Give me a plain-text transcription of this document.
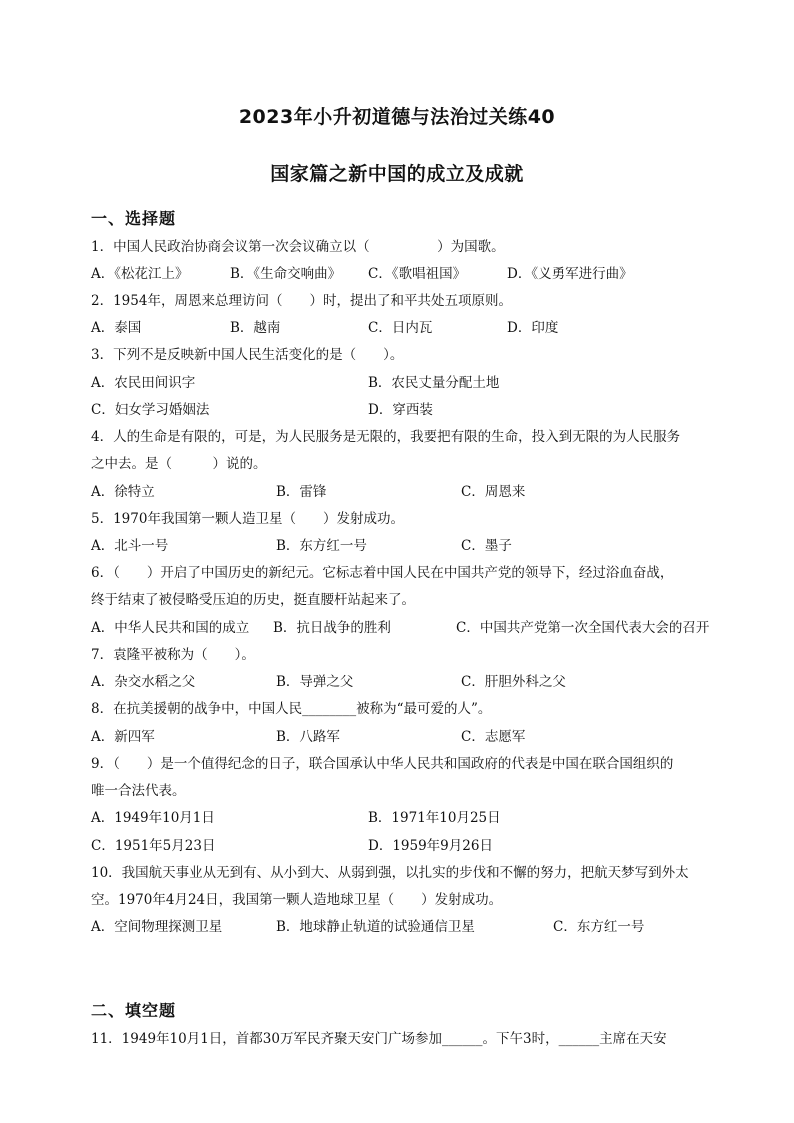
2023年小升初道德与法治过关练40
国家篇之新中国的成立及成就
一、选择题
1．中国人民政治协商会议第一次会议确立以（　　　　　）为国歌。
A．《松花江上》	B．《生命交响曲》 C．《歌唱祖国》	D．《义勇军进行曲》
2．1954年，周恩来总理访问（　　）时，提出了和平共处五项原则。
A．泰国	B．越南	C．日内瓦	D．印度
3．下列不是反映新中国人民生活变化的是（　　）。
A．农民田间识字	B．农民丈量分配土地
C．妇女学习婚姻法	D．穿西装
4．人的生命是有限的，可是，为人民服务是无限的，我要把有限的生命，投入到无限的为人民服务
之中去。是（　　　）说的。
A．徐特立	B．雷锋	C．周恩来
5．1970年我国第一颗人造卫星（　　）发射成功。
A．北斗一号	B．东方红一号	C．墨子
6．（　　）开启了中国历史的新纪元。它标志着中国人民在中国共产党的领导下，经过浴血奋战，
终于结束了被侵略受压迫的历史，挺直腰杆站起来了。
A．中华人民共和国的成立 B．抗日战争的胜利	C．中国共产党第一次全国代表大会的召开
7．袁隆平被称为（　　）。
A．杂交水稻之父	B．导弹之父	C．肝胆外科之父
8．在抗美援朝的战争中，中国人民________被称为“最可爱的人”。
A．新四军	B．八路军	C．志愿军
9．（　　）是一个值得纪念的日子，联合国承认中华人民共和国政府的代表是中国在联合国组织的
唯一合法代表。
A．1949年10月1日	B．1971年10月25日
C．1951年5月23日	D．1959年9月26日
10．我国航天事业从无到有、从小到大、从弱到强，以扎实的步伐和不懈的努力，把航天梦写到外太
空。1970年4月24日，我国第一颗人造地球卫星（　　）发射成功。
A．空间物理探测卫星	B．地球静止轨道的试验通信卫星	C．东方红一号
二、填空题
11．1949年10月1日，首都30万军民齐聚天安门广场参加______。下午3时，______主席在天安
